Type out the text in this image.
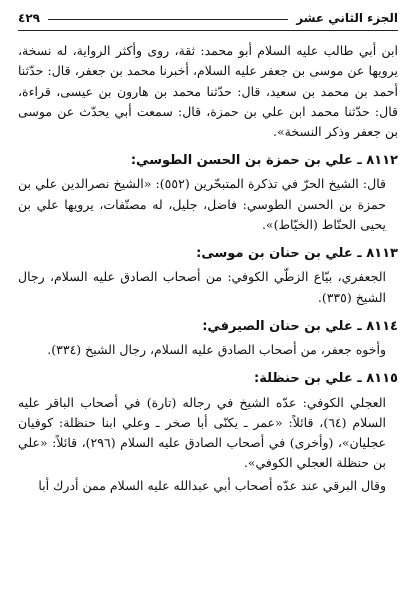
الجزء الثاني عشر
٤٢٩

ابن أبي طالب عليه السلام أبو محمد: ثقة، روى وأكثر الرواية، له نسخة، يرويها عن موسى بن جعفر عليه السلام، أخبرنا محمد بن جعفر، قال: حدّثنا أحمد بن محمد بن سعيد، قال: حدّثنا محمد بن هارون بن عيسى، قراءة، قال: حدّثنا محمد ابن علي بن حمزة، قال: سمعت أبي يحدّث عن موسى بن جعفر وذكر النسخة».

٨١١٢ ـ علي بن حمزة بن الحسن الطوسي:

قال: الشيخ الحرّ في تذكرة المتبحّرين (٥٥٢): «الشيخ نصرالدين علي بن حمزة بن الحسن الطوسي: فاضل، جليل، له مصنّفات، يرويها علي بن يحيى الحنّاط (الخيّاط)».

٨١١٣ ـ علي بن حنان بن موسى:

الجعفري، بيّاع الزطّي الكوفي: من أصحاب الصادق عليه السلام، رجال الشيخ (٣٣٥).

٨١١٤ ـ علي بن حنان الصيرفي:

وأخوه جعفر، من أصحاب الصادق عليه السلام، رجال الشيخ (٣٣٤).

٨١١٥ ـ علي بن حنظلة:

العجلي الكوفي: عدّه الشيخ في رجاله (تارة) في أصحاب الباقر عليه السلام (٦٤)، قائلاً: «عمر ـ يكنّى أبا صخر ـ وعلي ابنا حنظلة: كوفيان عجليان»، (وأخرى) في أصحاب الصادق عليه السلام (٢٩٦)، قائلاً: «علي بن حنظلة العجلي الكوفي».

وقال البرقي عند عدّه أصحاب أبي عبدالله عليه السلام ممن أدرك أبا
